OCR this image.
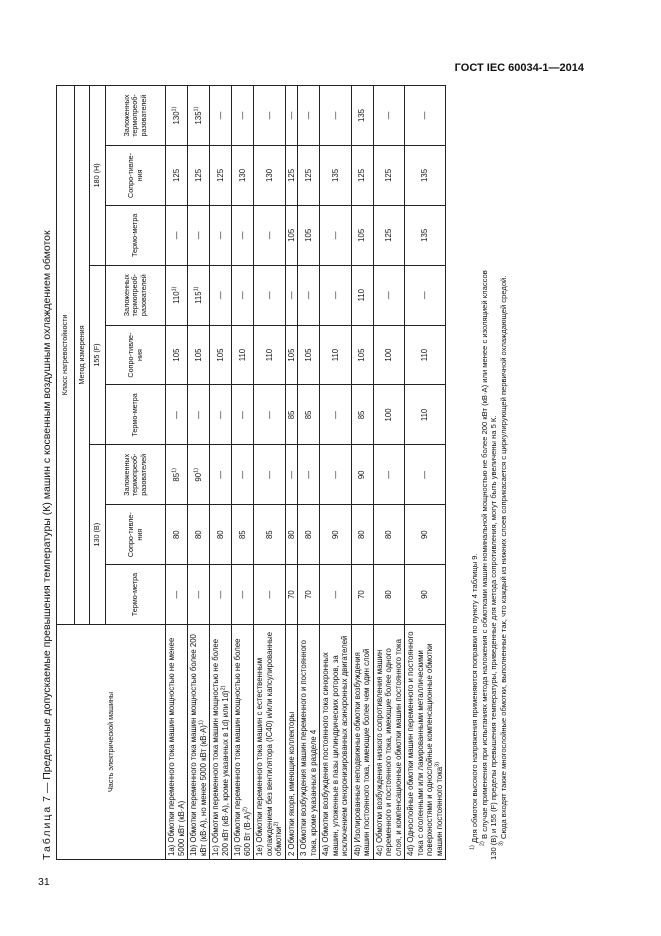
ГОСТ IEC 60034-1—2014
31
Таблица 7 — Предельные допускаемые превышения температуры (К) машин с косвенным воздушным охлаждением обмоток	Часть электрической машины	Класс нагревостойкости								
	Метод измерения								
	130 (B)			155 (F)			180 (H)		
	Термо-метра	Сопро-тивле-ния	Заложенных термопреоб-разователей	Термо-метра	Сопро-тивле-ния	Заложенных термопреоб-разователей	Термо-метра	Сопро-тивле-ния	Заложенных термопреоб-разователей
1а) Обмотки переменного тока машин мощностью не менее 5000 кВт (кВ·А)	—	80	85$^{1)}$	—	105	110$^{1)}$	—	125	130$^{1)}$
1b) Обмотки переменного тока машин мощностью более 200 кВт (кВ·А), но менее 5000 кВт $(кВ\cdot А)^{1)}$	—	80	90$^{1)}$	—	105	115$^{1)}$	—	125	135$^{1)}$
1с) Обмотки переменного тока машин мощностью не более 200 кВт (кВ·А), кроме указанных в 1d) или 1d)$^{2)}$	—	80	—	—	105	—	—	125	—
1d) Обмотки переменного тока машин мощностью не более 600 Вт $(В\cdot А)^{2)}$	—	85	—	—	110	—	—	130	—
1e) Обмотки переменного тока машин с естественным охлаждением без вентилятора (IC40) и/или капсулированные обмотки$^{2)}$	—	85	—	—	110	—	—	130	—
2 Обмотки якоря, имеющие коллекторы	70	80	—	85	105	—	105	125	—
3 Обмотки возбуждения машин переменного и постоянного тока, кроме указанных в разделе 4	70	80	—	85	105	—	105	125	—
4а) Обмотки возбуждения постоянного тока синхронных машин, уложенные в пазы цилиндрических роторов, за исключением синхронизированных асинхронных двигателей	—	90	—	—	110	—	—	135	—
4b) Изолированные неподвижные обмотки возбуждения машин постоянного тока, имеющие более чем один слой	70	80	90	85	105	110	105	125	135
4c) Обмотки возбуждения низкого сопротивления машин переменного и постоянного тока, имеющие более одного слоя, и компенсационные обмотки машин постоянного тока	80	80	—	100	100	—	125	125	—
4d) Однослойные обмотки машин переменного и постоянного тока с оголенными или лакированными металлическими поверхностями и однослойные компенсационные обмотки машин постоянного тока$^{3)}$	90	90	—	110	110	—	135	135	—
$^{1)}$ Для обмоток высокого напряжения применяются поправки по пункту 4 таблицы 9.
$^{2)}$ В случае применения при испытаниях метода наложения с обмотками машин номинальной мощностью не более 200 кВт (кВ·А) или менее с изоляцией классов 130 (B) и 155 (F) пределы превышения температуры, приведенные для метода сопротивления, могут быть увеличены на 5 К. $^{3)}$ Сюда входят также многослойные обмотки, выполненные так, что каждый из нижних слоев соприкасается с циркулирующей первичной охлаждающей средой.
